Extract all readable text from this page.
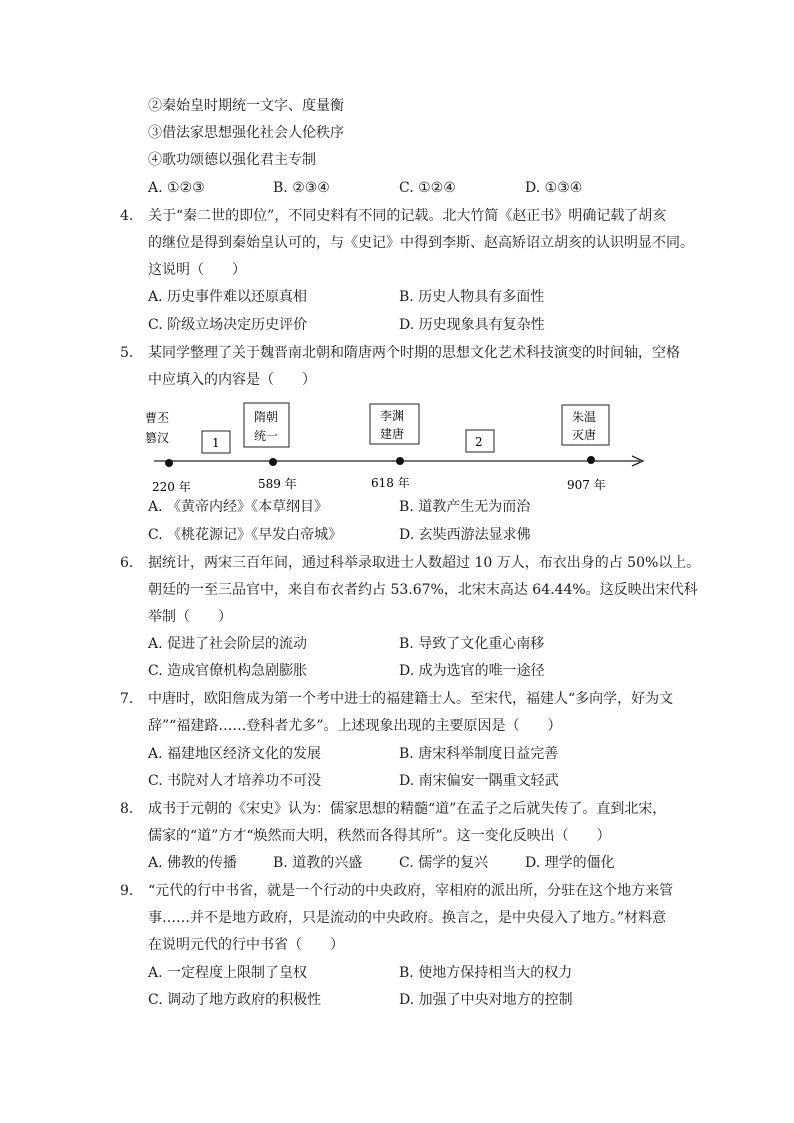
②秦始皇时期统一文字、度量衡
③借法家思想强化社会人伦秩序
④歌功颂德以强化君主专制
A. ①②③	B. ②③④	C. ①②④	D. ①③④
4. 关于“秦二世的即位”，不同史料有不同的记载。北大竹简《赵正书》明确记载了胡亥
的继位是得到秦始皇认可的，与《史记》中得到李斯、赵高矫诏立胡亥的认识明显不同。
这说明（　　）
A. 历史事件难以还原真相	B. 历史人物具有多面性
C. 阶级立场决定历史评价	D. 历史现象具有复杂性
5. 某同学整理了关于魏晋南北朝和隋唐两个时期的思想文化艺术科技演变的时间轴，空格
中应填入的内容是（　　）
曹丕
篡汉	1
隋朝
统一
李渊
建唐
2
朱温
灭唐
220 年	589 年	618 年	907 年
A. 《黄帝内经》《本草纲目》	B. 道教产生无为而治
C. 《桃花源记》《早发白帝城》	D. 玄奘西游法显求佛
6. 据统计，两宋三百年间，通过科举录取进士人数超过 10 万人，布衣出身的占 50%以上。
朝廷的一至三品官中，来自布衣者约占 53.67%，北宋末高达 64.44%。这反映出宋代科
举制（　　）
A. 促进了社会阶层的流动	B. 导致了文化重心南移
C. 造成官僚机构急剧膨胀	D. 成为选官的唯一途径
7. 中唐时，欧阳詹成为第一个考中进士的福建籍士人。至宋代，福建人“多向学，好为文
辞”“福建路……登科者尤多”。上述现象出现的主要原因是（　　）
A. 福建地区经济文化的发展	B. 唐宋科举制度日益完善
C. 书院对人才培养功不可没	D. 南宋偏安一隅重文轻武
8. 成书于元朝的《宋史》认为：儒家思想的精髓“道”在孟子之后就失传了。直到北宋，
儒家的“道”方才“焕然而大明，秩然而各得其所”。这一变化反映出（　　）
A. 佛教的传播	B. 道教的兴盛	C. 儒学的复兴	D. 理学的僵化
9. “元代的行中书省，就是一个行动的中央政府，宰相府的派出所，分驻在这个地方来管
事……并不是地方政府，只是流动的中央政府。换言之，是中央侵入了地方。”材料意
在说明元代的行中书省（　　）
A. 一定程度上限制了皇权	B. 使地方保持相当大的权力
C. 调动了地方政府的积极性	D. 加强了中央对地方的控制
